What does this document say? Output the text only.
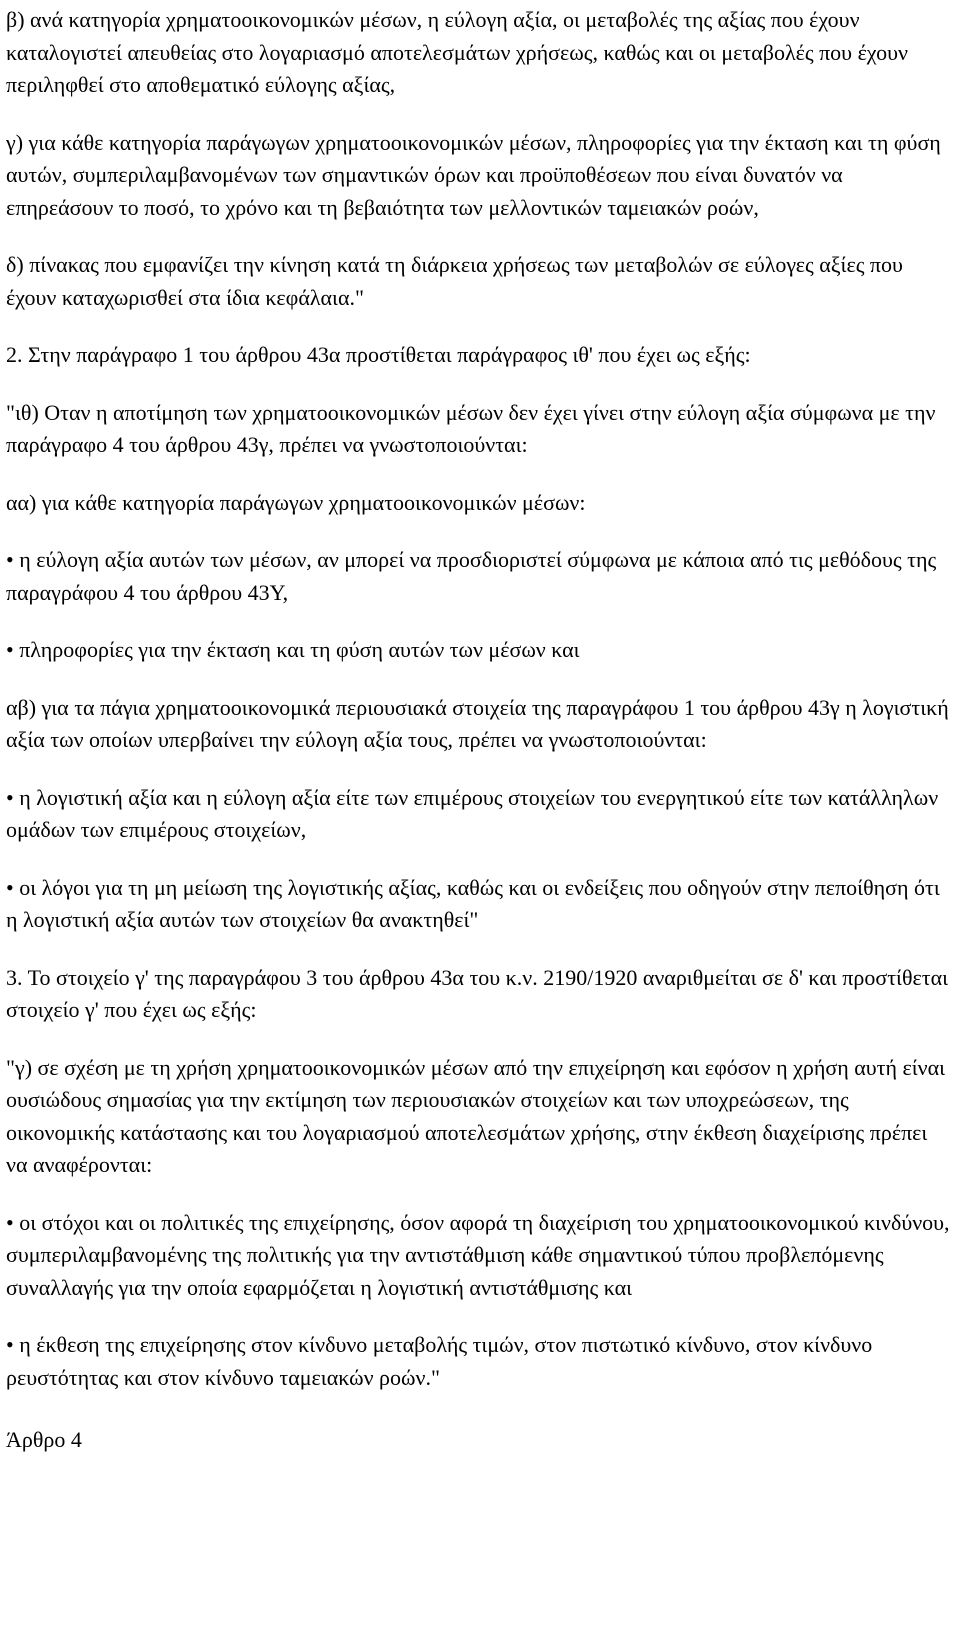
β) ανά κατηγορία χρηματοοικονομικών μέσων, η εύλογη αξία, οι μεταβολές της αξίας που έχουν καταλογιστεί απευθείας στο λογαριασμό αποτελεσμάτων χρήσεως, καθώς και οι μεταβολές που έχουν περιληφθεί στο αποθεματικό εύλογης αξίας,

γ) για κάθε κατηγορία παράγωγων χρηματοοικονομικών μέσων, πληροφορίες για την έκταση και τη φύση αυτών, συμπεριλαμβανομένων των σημαντικών όρων και προϋποθέσεων που είναι δυνατόν να επηρεάσουν το ποσό, το χρόνο και τη βεβαιότητα των μελλοντικών ταμειακών ροών,

δ) πίνακας που εμφανίζει την κίνηση κατά τη διάρκεια χρήσεως των μεταβολών σε εύλογες αξίες που έχουν καταχωρισθεί στα ίδια κεφάλαια."

2. Στην παράγραφο 1 του άρθρου 43α προστίθεται παράγραφος ιθ' που έχει ως εξής:

"ιθ) Οταν η αποτίμηση των χρηματοοικονομικών μέσων δεν έχει γίνει στην εύλογη αξία σύμφωνα με την παράγραφο 4 του άρθρου 43γ, πρέπει να γνωστοποιούνται:

αα) για κάθε κατηγορία παράγωγων χρηματοοικονομικών μέσων:

• η εύλογη αξία αυτών των μέσων, αν μπορεί να προσδιοριστεί σύμφωνα με κάποια από τις μεθόδους της παραγράφου 4 του άρθρου 43Υ,

• πληροφορίες για την έκταση και τη φύση αυτών των μέσων και

αβ) για τα πάγια χρηματοοικονομικά περιουσιακά στοιχεία της παραγράφου 1 του άρθρου 43γ η λογιστική αξία των οποίων υπερβαίνει την εύλογη αξία τους, πρέπει να γνωστοποιούνται:

• η λογιστική αξία και η εύλογη αξία είτε των επιμέρους στοιχείων του ενεργητικού είτε των κατάλληλων ομάδων των επιμέρους στοιχείων,

• οι λόγοι για τη μη μείωση της λογιστικής αξίας, καθώς και οι ενδείξεις που οδηγούν στην πεποίθηση ότι η λογιστική αξία αυτών των στοιχείων θα ανακτηθεί"

3. Το στοιχείο γ' της παραγράφου 3 του άρθρου 43α του κ.ν. 2190/1920 αναριθμείται σε δ' και προστίθεται στοιχείο γ' που έχει ως εξής:

"γ) σε σχέση με τη χρήση χρηματοοικονομικών μέσων από την επιχείρηση και εφόσον η χρήση αυτή είναι ουσιώδους σημασίας για την εκτίμηση των περιουσιακών στοιχείων και των υποχρεώσεων, της οικονομικής κατάστασης και του λογαριασμού αποτελεσμάτων χρήσης, στην έκθεση διαχείρισης πρέπει να αναφέρονται:

• οι στόχοι και οι πολιτικές της επιχείρησης, όσον αφορά τη διαχείριση του χρηματοοικονομικού κινδύνου, συμπεριλαμβανομένης της πολιτικής για την αντιστάθμιση κάθε σημαντικού τύπου προβλεπόμενης συναλλαγής για την οποία εφαρμόζεται η λογιστική αντιστάθμισης και

• η έκθεση της επιχείρησης στον κίνδυνο μεταβολής τιμών, στον πιστωτικό κίνδυνο, στον κίνδυνο ρευστότητας και στον κίνδυνο ταμειακών ροών."

Άρθρο 4
